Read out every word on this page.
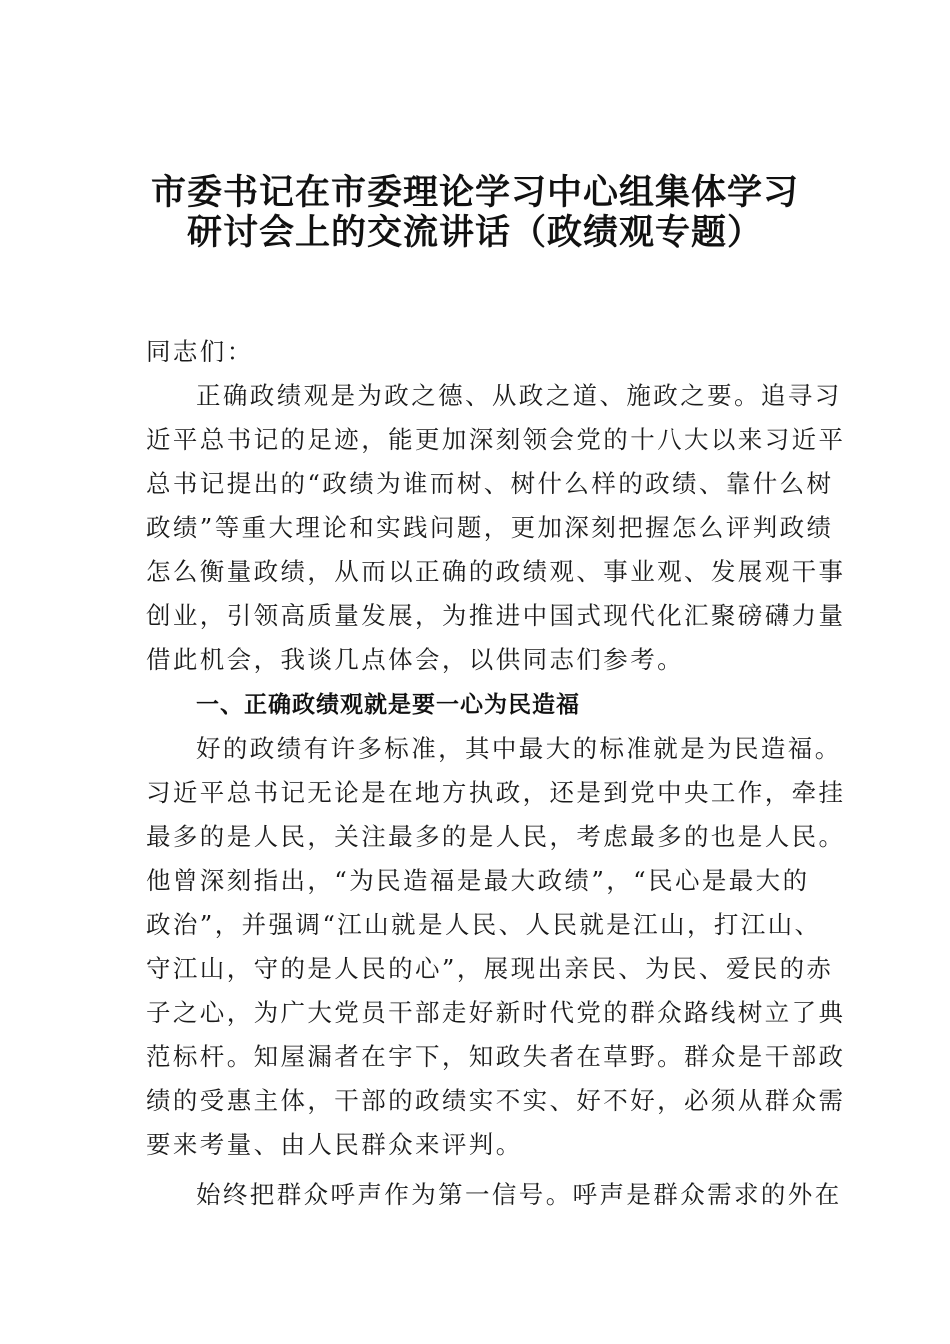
市委书记在市委理论学习中心组集体学习
研讨会上的交流讲话（政绩观专题）
同志们：
正确政绩观是为政之德、从政之道、施政之要。追寻习
近平总书记的足迹，能更加深刻领会党的十八大以来习近平
总书记提出的“政绩为谁而树、树什么样的政绩、靠什么树
政绩”等重大理论和实践问题，更加深刻把握怎么评判政绩
怎么衡量政绩，从而以正确的政绩观、事业观、发展观干事
创业，引领高质量发展，为推进中国式现代化汇聚磅礴力量
借此机会，我谈几点体会，以供同志们参考。
一、正确政绩观就是要一心为民造福
好的政绩有许多标准，其中最大的标准就是为民造福。
习近平总书记无论是在地方执政，还是到党中央工作，牵挂
最多的是人民，关注最多的是人民，考虑最多的也是人民。
他曾深刻指出，“为民造福是最大政绩”，“民心是最大的
政治”，并强调“江山就是人民、人民就是江山，打江山、
守江山，守的是人民的心”，展现出亲民、为民、爱民的赤
子之心，为广大党员干部走好新时代党的群众路线树立了典
范标杆。知屋漏者在宇下，知政失者在草野。群众是干部政
绩的受惠主体，干部的政绩实不实、好不好，必须从群众需
要来考量、由人民群众来评判。
始终把群众呼声作为第一信号。呼声是群众需求的外在
